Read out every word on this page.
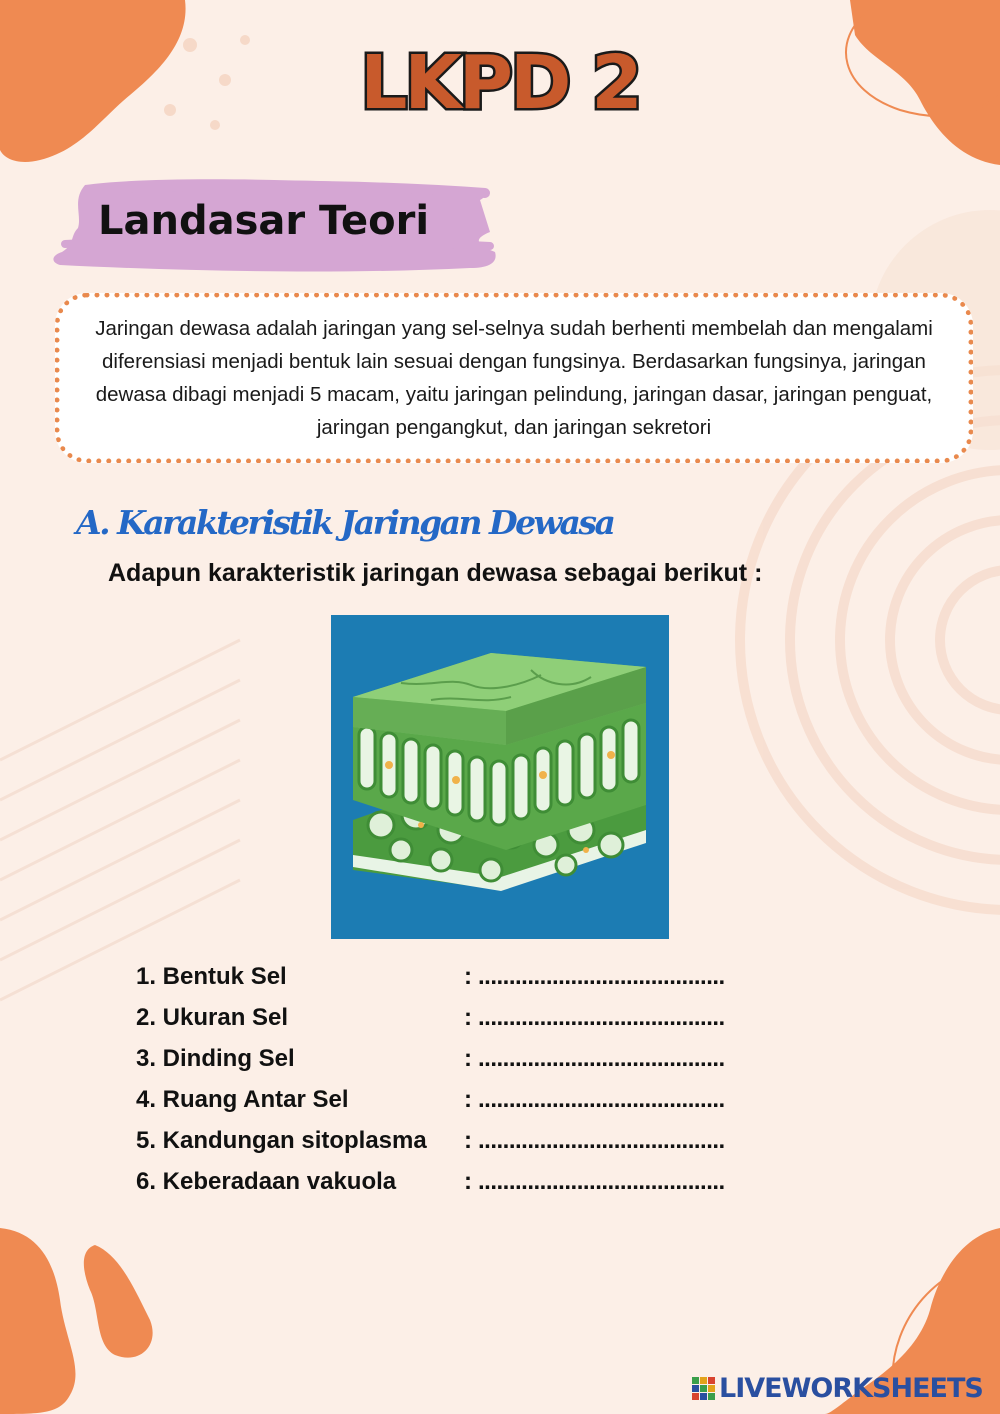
LKPD 2
Landasar Teori

Jaringan dewasa adalah jaringan yang sel-selnya sudah berhenti membelah dan mengalami diferensiasi menjadi bentuk lain sesuai dengan fungsinya. Berdasarkan fungsinya, jaringan dewasa dibagi menjadi 5 macam, yaitu jaringan pelindung, jaringan dasar, jaringan penguat, jaringan pengangkut, dan jaringan sekretori

A. Karakteristik Jaringan Dewasa
Adapun karakteristik jaringan dewasa sebagai berikut :
1. Bentuk Sel	: ........................................
2. Ukuran Sel	: ........................................
3. Dinding Sel	: ........................................
4. Ruang Antar Sel	: ........................................
5. Kandungan sitoplasma	: ........................................
6. Keberadaan vakuola	: ........................................
LIVEWORKSHEETS
